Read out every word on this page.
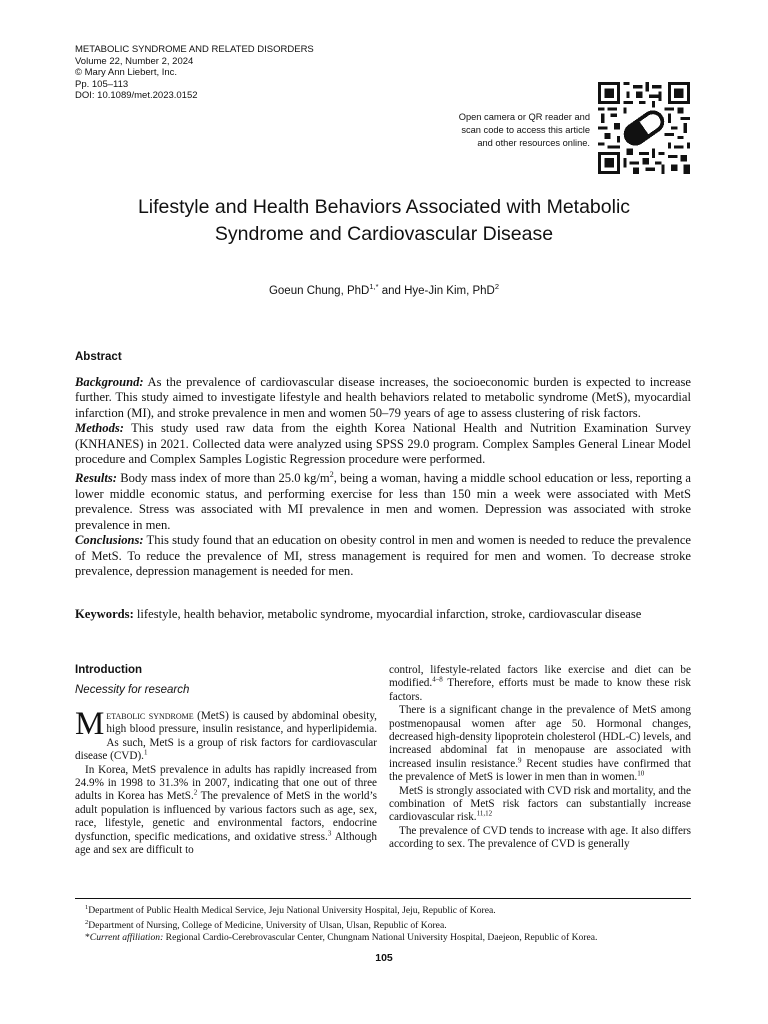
METABOLIC SYNDROME AND RELATED DISORDERS
Volume 22, Number 2, 2024
© Mary Ann Liebert, Inc.
Pp. 105–113
DOI: 10.1089/met.2023.0152
Open camera or QR reader and
scan code to access this article
and other resources online.
Lifestyle and Health Behaviors Associated with Metabolic
Syndrome and Cardiovascular Disease
Goeun Chung, PhD$^{1,*}$ and Hye-Jin Kim, PhD$^2$
Abstract

Background: As the prevalence of cardiovascular disease increases, the socioeconomic burden is expected to increase further. This study aimed to investigate lifestyle and health behaviors related to metabolic syndrome (MetS), myocardial infarction (MI), and stroke prevalence in men and women 50–79 years of age to assess clustering of risk factors.

Methods: This study used raw data from the eighth Korea National Health and Nutrition Examination Survey (KNHANES) in 2021. Collected data were analyzed using SPSS 29.0 program. Complex Samples General Linear Model procedure and Complex Samples Logistic Regression procedure were performed.

Results: Body mass index of more than 25.0 $kg/m^2$, being a woman, having a middle school education or less, reporting a lower middle economic status, and performing exercise for less than 150 min a week were associated with MetS prevalence. Stress was associated with MI prevalence in men and women. Depression was associated with stroke prevalence in men.

Conclusions: This study found that an education on obesity control in men and women is needed to reduce the prevalence of MetS. To reduce the prevalence of MI, stress management is required for men and women. To decrease stroke prevalence, depression management is needed for men.

Keywords: lifestyle, health behavior, metabolic syndrome, myocardial infarction, stroke, cardiovascular disease
Introduction
Necessity for research

Metabolic syndrome (MetS) is caused by abdominal obesity, high blood pressure, insulin resistance, and hyperlipidemia. As such, MetS is a group of risk factors for cardiovascular disease (CVD).$^1$

In Korea, MetS prevalence in adults has rapidly increased from 24.9% in 1998 to 31.3% in 2007, indicating that one out of three adults in Korea has MetS.$^2$ The prevalence of MetS in the world’s adult population is influenced by various factors such as age, sex, race, lifestyle, genetic and environmental factors, endocrine dysfunction, specific medications, and oxidative stress.$^3$ Although age and sex are difficult to

control, lifestyle-related factors like exercise and diet can be modified.$^{4-8}$ Therefore, efforts must be made to know these risk factors.

There is a significant change in the prevalence of MetS among postmenopausal women after age 50. Hormonal changes, decreased high-density lipoprotein cholesterol (HDL-C) levels, and increased abdominal fat in menopause are associated with increased insulin resistance.$^9$ Recent studies have confirmed that the prevalence of MetS is lower in men than in women.$^{10}$

MetS is strongly associated with CVD risk and mortality, and the combination of MetS risk factors can substantially increase cardiovascular risk.$^{11,12}$

The prevalence of CVD tends to increase with age. It also differs according to sex. The prevalence of CVD is generally

$^1$Department of Public Health Medical Service, Jeju National University Hospital, Jeju, Republic of Korea.
$^2$Department of Nursing, College of Medicine, University of Ulsan, Ulsan, Republic of Korea.
*Current affiliation: Regional Cardio-Cerebrovascular Center, Chungnam National University Hospital, Daejeon, Republic of Korea.
105
